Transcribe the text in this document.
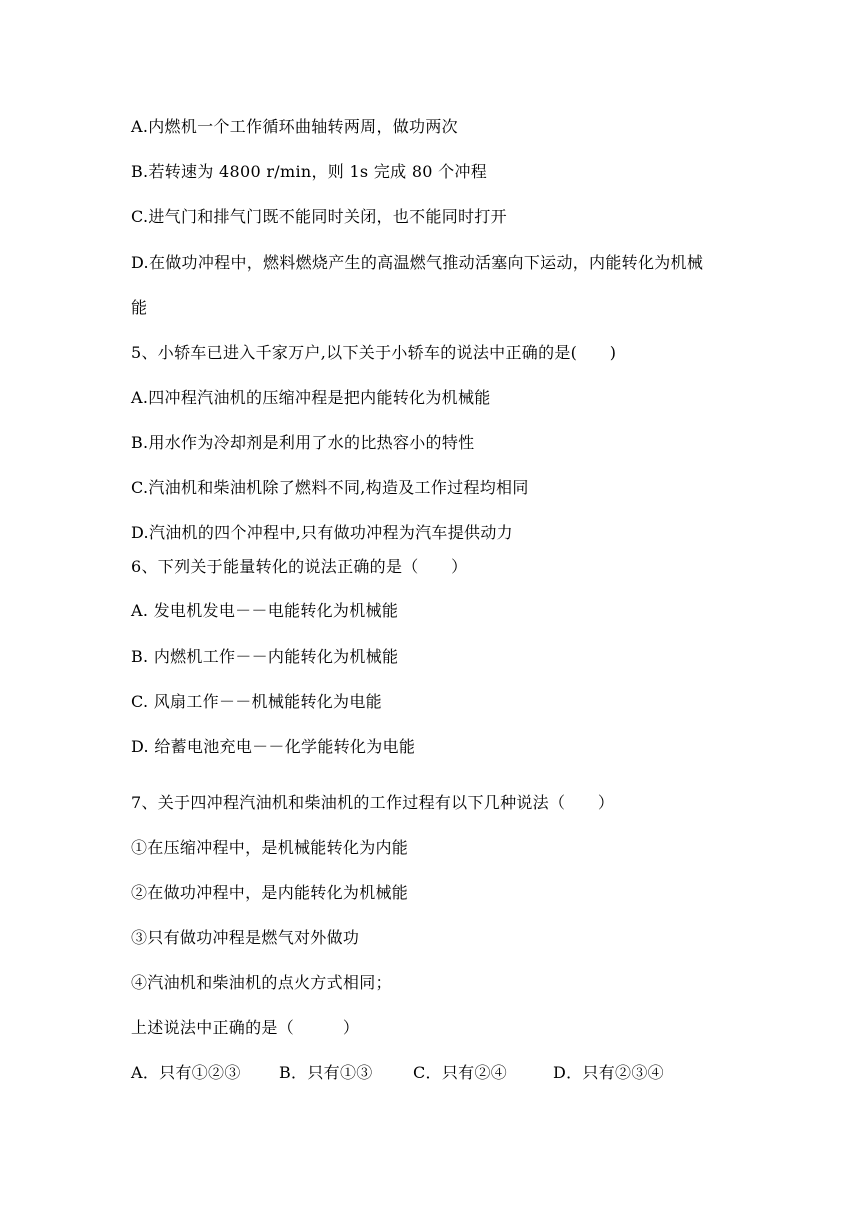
A.内燃机一个工作循环曲轴转两周，做功两次
B.若转速为 4800 r/min，则 1s 完成 80 个冲程
C.进气门和排气门既不能同时关闭，也不能同时打开
D.在做功冲程中，燃料燃烧产生的高温燃气推动活塞向下运动，内能转化为机械
能
5、小轿车已进入千家万户,以下关于小轿车的说法中正确的是(　　)
A.四冲程汽油机的压缩冲程是把内能转化为机械能
B.用水作为冷却剂是利用了水的比热容小的特性
C.汽油机和柴油机除了燃料不同,构造及工作过程均相同
D.汽油机的四个冲程中,只有做功冲程为汽车提供动力
6、下列关于能量转化的说法正确的是（　　）
A. 发电机发电－－电能转化为机械能
B. 内燃机工作－－内能转化为机械能
C. 风扇工作－－机械能转化为电能
D. 给蓄电池充电－－化学能转化为电能
7、关于四冲程汽油机和柴油机的工作过程有以下几种说法（　　）
①在压缩冲程中，是机械能转化为内能
②在做功冲程中，是内能转化为机械能
③只有做功冲程是燃气对外做功
④汽油机和柴油机的点火方式相同；
上述说法中正确的是（　　　）
A．只有①②③	B．只有①③	C．只有②④	D．只有②③④
